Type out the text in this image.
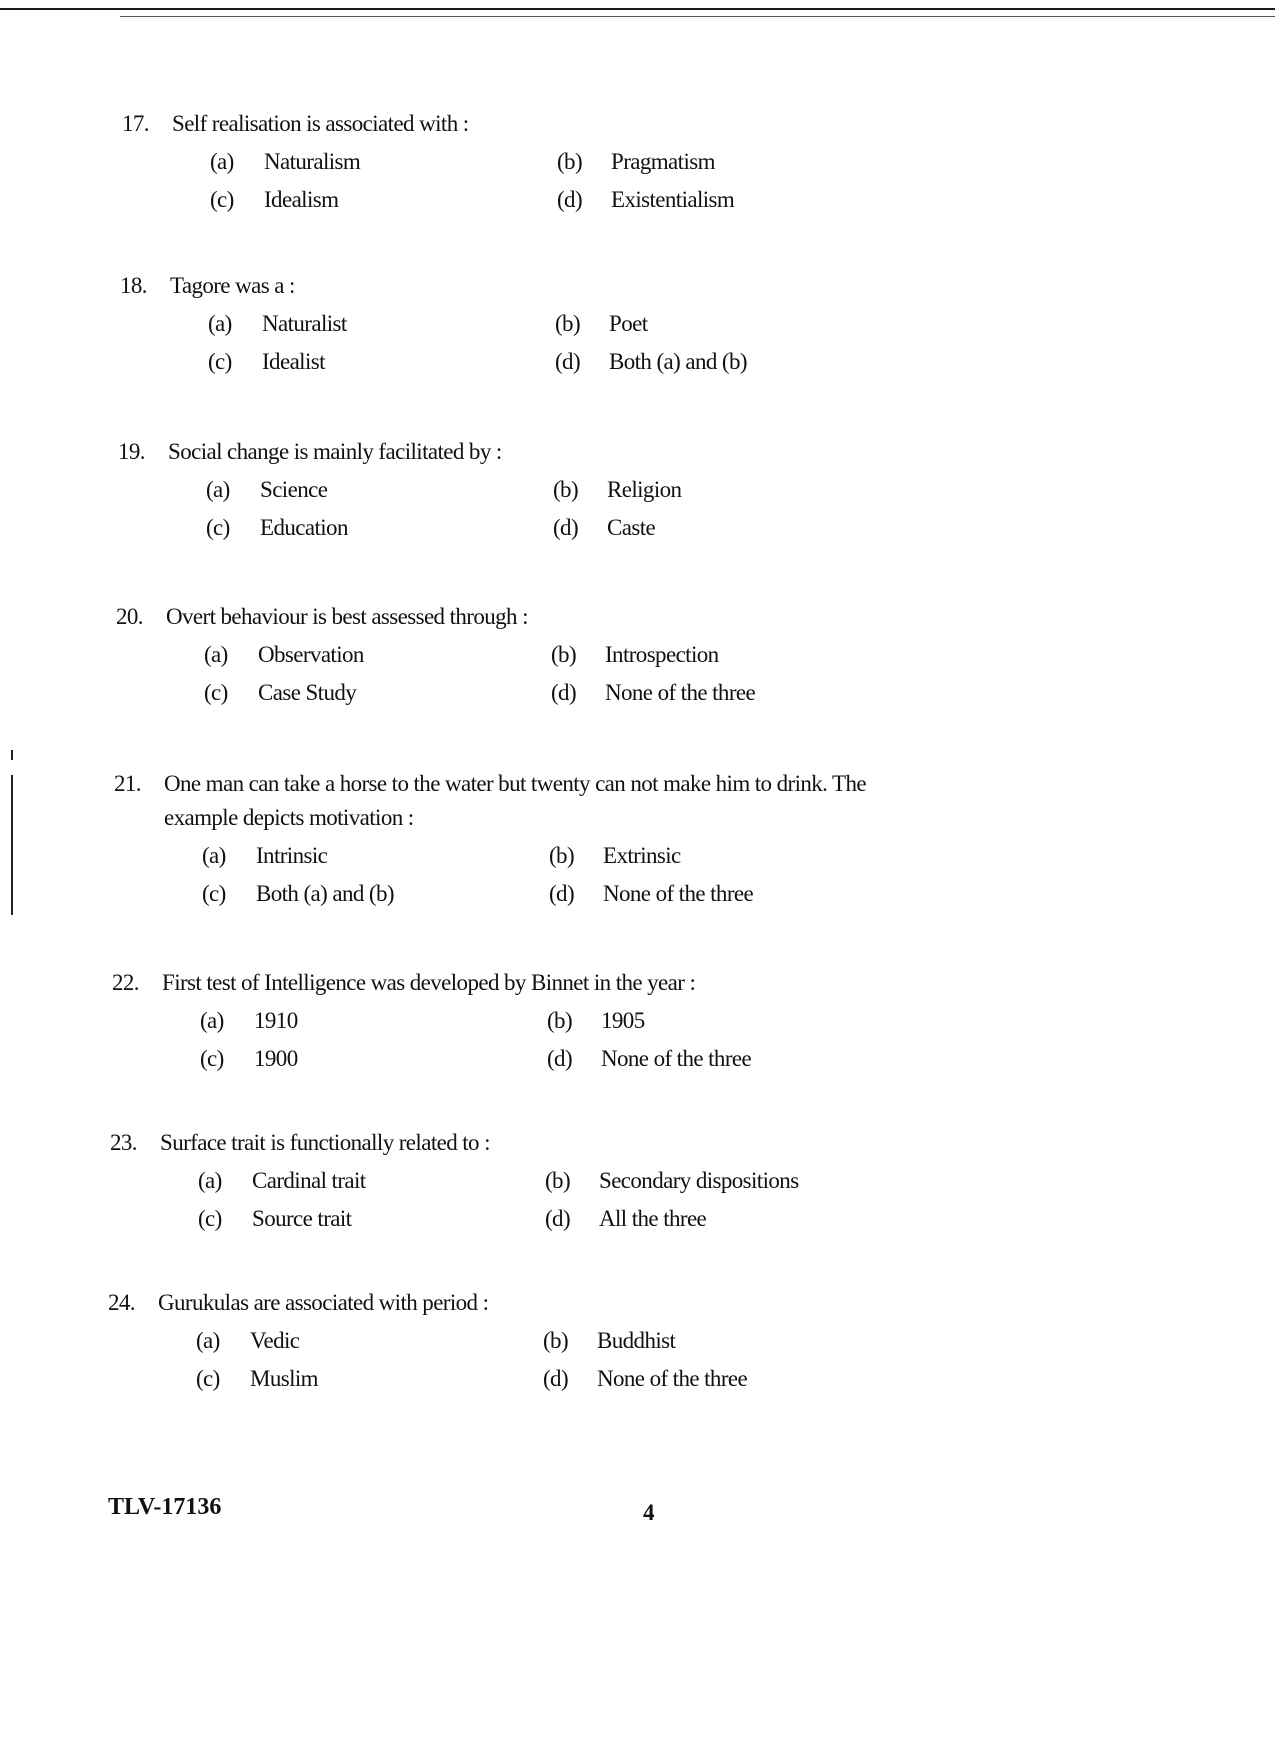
17.	Self realisation is associated with :
(a)	Naturalism	(b)	Pragmatism
(c)	Idealism	(d)	Existentialism
18.	Tagore was a :
(a)	Naturalist	(b)	Poet
(c)	Idealist	(d)	Both (a) and (b)
19.	Social change is mainly facilitated by :
(a)	Science	(b)	Religion
(c)	Education	(d)	Caste
20.	Overt behaviour is best assessed through :
(a)	Observation	(b)	Introspection
(c)	Case Study	(d)	None of the three
21.	One man can take a horse to the water but twenty can not make him to drink. The
example depicts motivation :
(a)	Intrinsic	(b)	Extrinsic
(c)	Both (a) and (b)	(d)	None of the three
22.	First test of Intelligence was developed by Binnet in the year :
(a)	1910	(b)	1905
(c)	1900	(d)	None of the three
23.	Surface trait is functionally related to :
(a)	Cardinal trait	(b)	Secondary dispositions
(c)	Source trait	(d)	All the three
24.	Gurukulas are associated with period :
(a)	Vedic	(b)	Buddhist
(c)	Muslim	(d)	None of the three
TLV-17136	4
